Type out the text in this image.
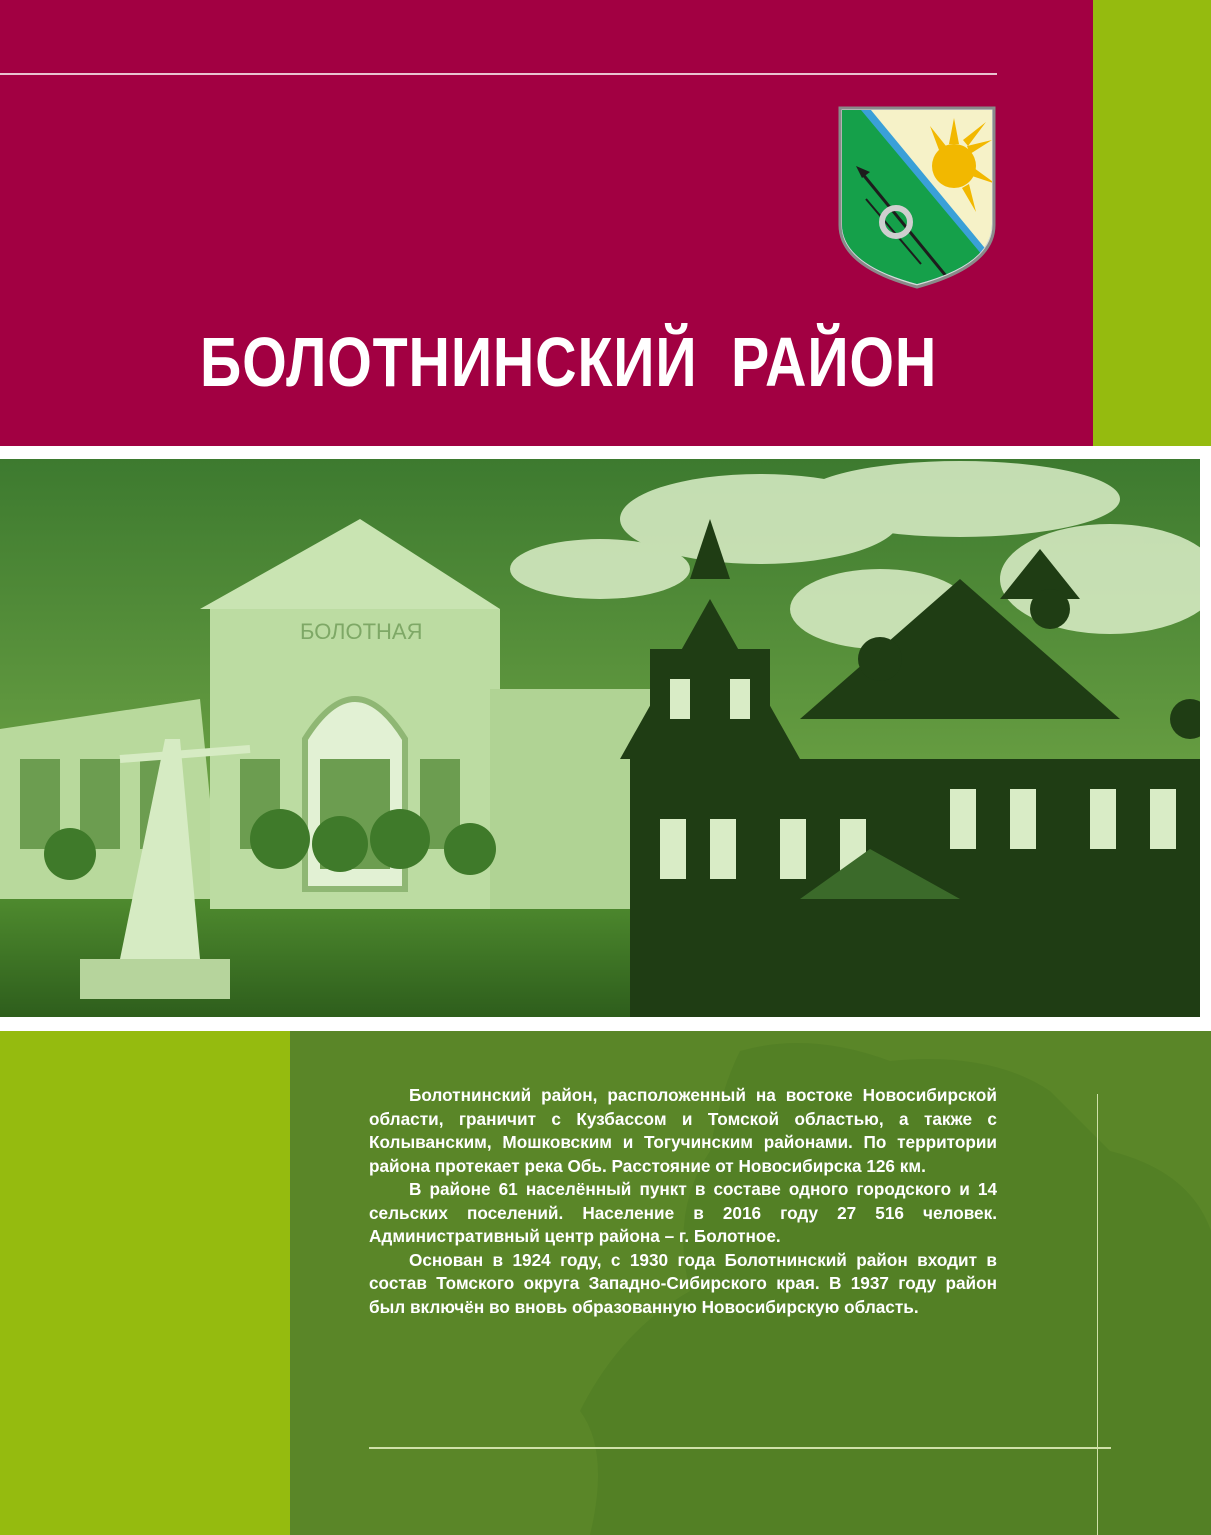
БОЛОТНИНСКИЙ  РАЙОН
БОЛОТНАЯ

Болотнинский район, расположенный на востоке Новосибирской области, граничит с Кузбассом и Томской областью, а также с Колыванским, Мошковским и Тогучинским районами. По территории района протекает река Обь. Расстояние от Новосибирска 126 км.

В районе 61 населённый пункт в составе одного городского и 14 сельских поселений. Население в 2016 году 27 516 человек. Административный центр района – г. Болотное.

Основан в 1924 году, с 1930 года Болотнинский район входит в состав Томского округа Западно-Сибирского края. В 1937 году район был включён во вновь образованную Новосибирскую область.
